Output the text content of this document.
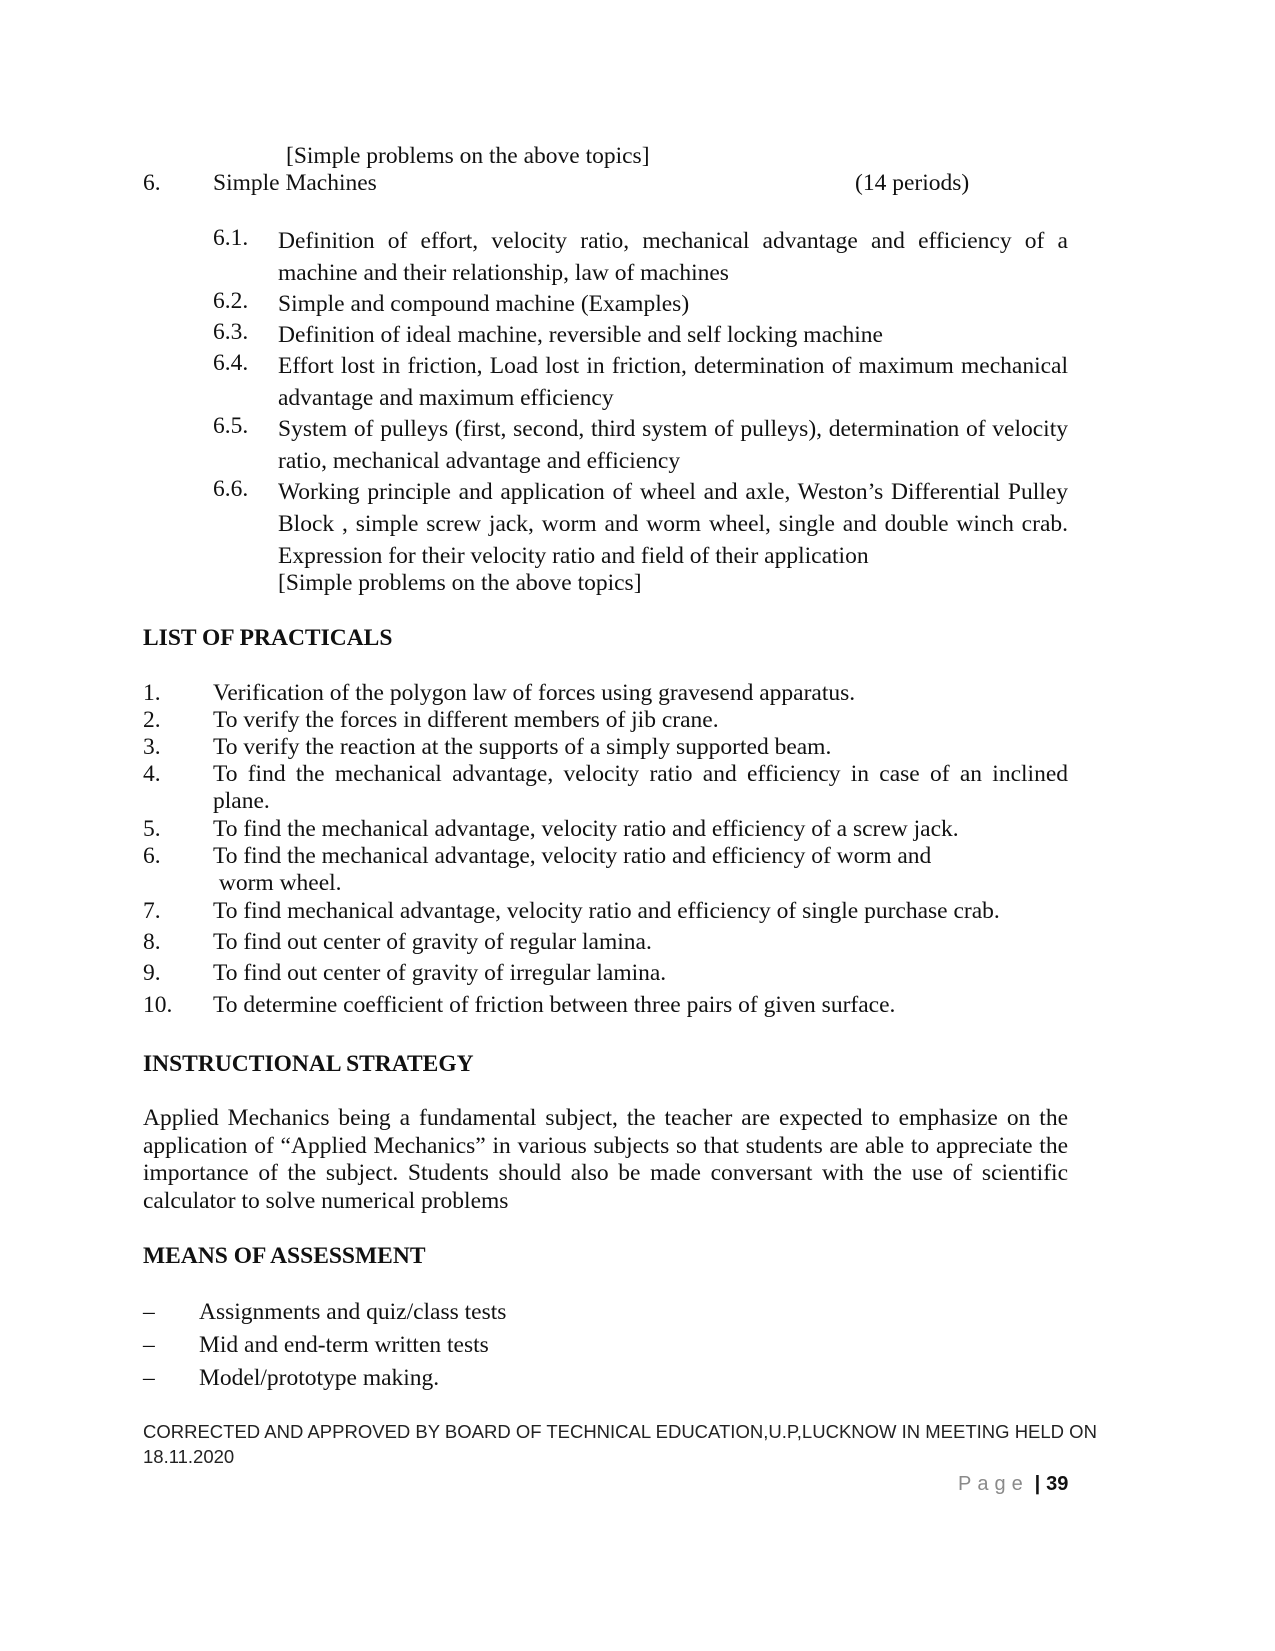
[Simple problems on the above topics]
6. Simple Machines	(14 periods)
6.1. Definition of effort, velocity ratio, mechanical advantage and efficiency of a machine and their relationship, law of machines
6.2. Simple and compound machine (Examples)
6.3. Definition of ideal machine, reversible and self locking machine
6.4. Effort lost in friction, Load lost in friction, determination of maximum mechanical advantage and maximum efficiency
6.5. System of pulleys (first, second, third system of pulleys), determination of velocity ratio, mechanical advantage and efficiency
6.6. Working principle and application of wheel and axle, Weston’s Differential Pulley Block , simple screw jack, worm and worm wheel, single and double winch crab. Expression for their velocity ratio and field of their application
[Simple problems on the above topics]
LIST OF PRACTICALS
1. Verification of the polygon law of forces using gravesend apparatus.
2. To verify the forces in different members of jib crane.
3. To verify the reaction at the supports of a simply supported beam.
4. To find the mechanical advantage, velocity ratio and efficiency in case of an inclined plane.
5. To find the mechanical advantage, velocity ratio and efficiency of a screw jack.
6. To find the mechanical advantage, velocity ratio and efficiency of worm and
worm wheel.
7. To find mechanical advantage, velocity ratio and efficiency of single purchase crab.
8. To find out center of gravity of regular lamina.
9. To find out center of gravity of irregular lamina.
10. To determine coefficient of friction between three pairs of given surface.
INSTRUCTIONAL STRATEGY
Applied Mechanics being a fundamental subject, the teacher are expected to emphasize on the application of “Applied Mechanics” in various subjects so that students are able to appreciate the importance of the subject. Students should also be made conversant with the use of scientific calculator to solve numerical problems
MEANS OF ASSESSMENT
– Assignments and quiz/class tests
– Mid and end-term written tests
– Model/prototype making.
CORRECTED AND APPROVED BY BOARD OF TECHNICAL EDUCATION,U.P,LUCKNOW IN MEETING HELD ON
18.11.2020
Page | 39
